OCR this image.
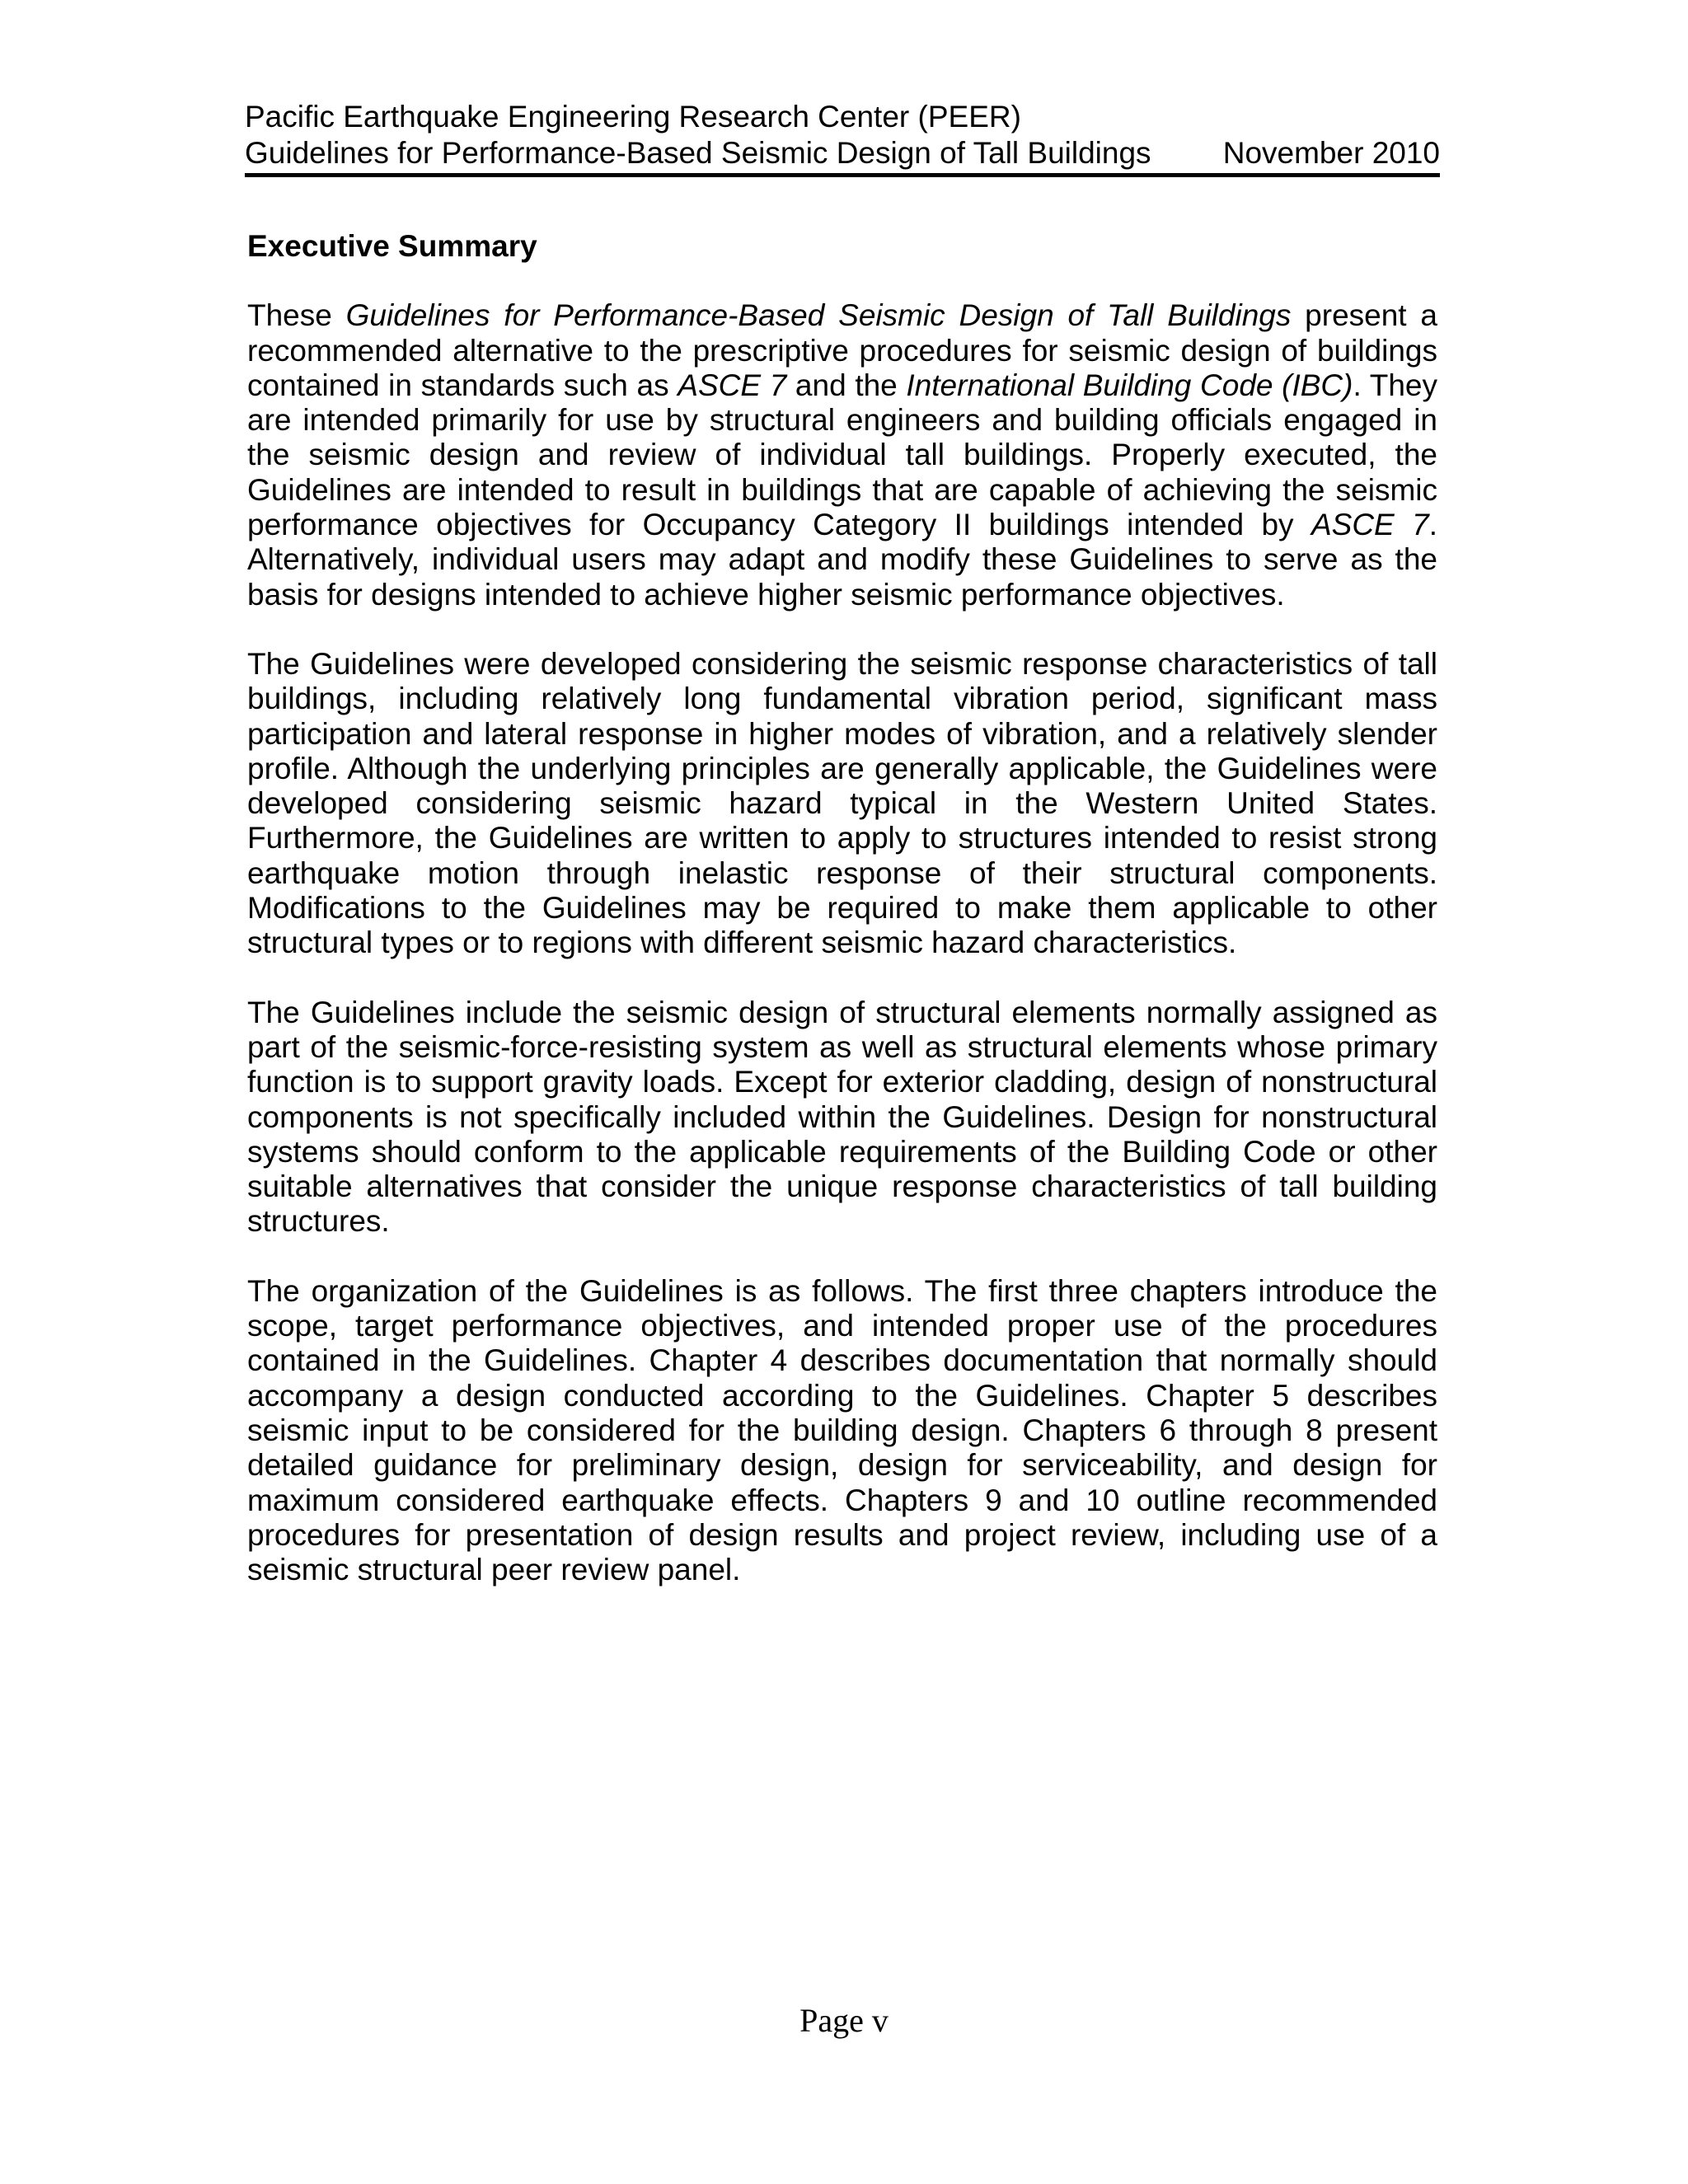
Pacific Earthquake Engineering Research Center (PEER)
Guidelines for Performance-Based Seismic Design of Tall Buildings November 2010
Executive Summary

These Guidelines for Performance-Based Seismic Design of Tall Buildings present a recommended alternative to the prescriptive procedures for seismic design of buildings contained in standards such as ASCE 7 and the International Building Code (IBC). They are intended primarily for use by structural engineers and building officials engaged in the seismic design and review of individual tall buildings. Properly executed, the Guidelines are intended to result in buildings that are capable of achieving the seismic performance objectives for Occupancy Category II buildings intended by ASCE 7. Alternatively, individual users may adapt and modify these Guidelines to serve as the basis for designs intended to achieve higher seismic performance objectives.

The Guidelines were developed considering the seismic response characteristics of tall buildings, including relatively long fundamental vibration period, significant mass participation and lateral response in higher modes of vibration, and a relatively slender profile. Although the underlying principles are generally applicable, the Guidelines were developed considering seismic hazard typical in the Western United States. Furthermore, the Guidelines are written to apply to structures intended to resist strong earthquake motion through inelastic response of their structural components. Modifications to the Guidelines may be required to make them applicable to other structural types or to regions with different seismic hazard characteristics.

The Guidelines include the seismic design of structural elements normally assigned as part of the seismic-force-resisting system as well as structural elements whose primary function is to support gravity loads. Except for exterior cladding, design of nonstructural components is not specifically included within the Guidelines. Design for nonstructural systems should conform to the applicable requirements of the Building Code or other suitable alternatives that consider the unique response characteristics of tall building structures.

The organization of the Guidelines is as follows. The first three chapters introduce the scope, target performance objectives, and intended proper use of the procedures contained in the Guidelines. Chapter 4 describes documentation that normally should accompany a design conducted according to the Guidelines. Chapter 5 describes seismic input to be considered for the building design. Chapters 6 through 8 present detailed guidance for preliminary design, design for serviceability, and design for maximum considered earthquake effects. Chapters 9 and 10 outline recommended procedures for presentation of design results and project review, including use of a seismic structural peer review panel.

Page v
